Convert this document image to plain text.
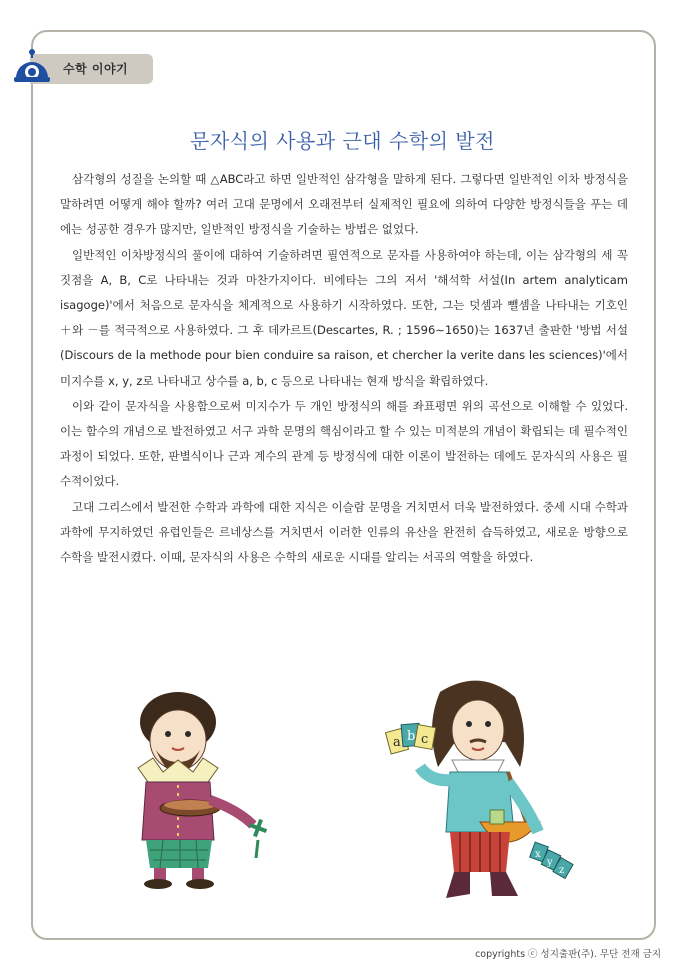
수학 이야기
문자식의 사용과 근대 수학의 발전

삼각형의 성질을 논의할 때 △ABC라고 하면 일반적인 삼각형을 말하게 된다. 그렇다면 일반적인 이차 방정식을 말하려면 어떻게 해야 할까? 여러 고대 문명에서 오래전부터 실제적인 필요에 의하여 다양한 방정식들을 푸는 데에는 성공한 경우가 많지만, 일반적인 방정식을 기술하는 방법은 없었다.

일반적인 이차방정식의 풀이에 대하여 기술하려면 필연적으로 문자를 사용하여야 하는데, 이는 삼각형의 세 꼭짓점을 A, B, C로 나타내는 것과 마찬가지이다. 비에타는 그의 저서 '해석학 서설(In artem analyticam isagoge)'에서 처음으로 문자식을 체계적으로 사용하기 시작하였다. 또한, 그는 덧셈과 뺄셈을 나타내는 기호인 ＋와 －를 적극적으로 사용하였다. 그 후 데카르트(Descartes, R. ; 1596∼1650)는 1637년 출판한 '방법 서설(Discours de la methode pour bien conduire sa raison, et chercher la verite dans les sciences)'에서 미지수를 x, y, z로 나타내고 상수를 a, b, c 등으로 나타내는 현재 방식을 확립하였다.

이와 같이 문자식을 사용함으로써 미지수가 두 개인 방정식의 해를 좌표평면 위의 곡선으로 이해할 수 있었다. 이는 함수의 개념으로 발전하였고 서구 과학 문명의 핵심이라고 할 수 있는 미적분의 개념이 확립되는 데 필수적인 과정이 되었다. 또한, 판별식이나 근과 계수의 관계 등 방정식에 대한 이론이 발전하는 데에도 문자식의 사용은 필수적이었다.

고대 그리스에서 발전한 수학과 과학에 대한 지식은 이슬람 문명을 거치면서 더욱 발전하였다. 중세 시대 수학과 과학에 무지하였던 유럽인들은 르네상스를 거치면서 이러한 인류의 유산을 완전히 습득하였고, 새로운 방향으로 수학을 발전시켰다. 이때, 문자식의 사용은 수학의 새로운 시대를 알리는 서곡의 역할을 하였다.

a b c
x
y
z
copyrights ⓒ 성지출판(주). 무단 전재 금지
